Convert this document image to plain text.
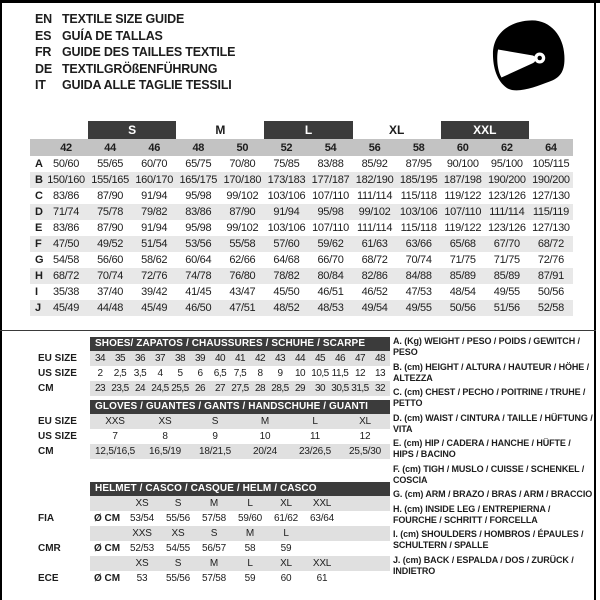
EN TEXTILE SIZE GUIDE
ES GUÍA DE TALLAS
FR GUIDE DES TAILLES TEXTILE
DE TEXTILGRÖßENFÜHRUNG
IT	GUIDA ALLE TAGLIE TESSILI
S	M	L	XL	XXL
42	44	46	48	50	52	54	56	58	60	62	64
A 50/60	55/65	60/70	65/75	70/80	75/85	83/88	85/92	87/95	90/100	95/100 105/115
B 150/160 155/165 160/170 165/175 170/180 173/183 177/187 182/190 185/195 187/198 190/200 190/200
C 83/86	87/90	91/94	95/98	99/102 103/106 107/110 111/114 115/118 119/122 123/126 127/130
D 71/74	75/78	79/82	83/86	87/90	91/94	95/98	99/102 103/106 107/110 111/114 115/119
E 83/86	87/90	91/94	95/98	99/102 103/106 107/110 111/114 115/118 119/122 123/126 127/130
F	47/50	49/52	51/54	53/56	55/58	57/60	59/62	61/63	63/66	65/68	67/70	68/72
G 54/58	56/60	58/62	60/64	62/66	64/68	66/70	68/72	70/74	71/75	71/75	72/76
H 68/72	70/74	72/76	74/78	76/80	78/82	80/84	82/86	84/88	85/89	85/89	87/91
I	35/38	37/40	39/42	41/45	43/47	45/50	46/51	46/52	47/53	48/54	49/55	50/56
J	45/49	44/48	45/49	46/50	47/51	48/52	48/53	49/54	49/55	50/56	51/56	52/58
SHOES/ ZAPATOS / CHAUSSURES / SCHUHE / SCARPE
EU SIZE	34 35 36 37 38 39 40 41 42 43 44 45 46 47 48
US SIZE	2	2,5 3,5	4	5	6	6,5 7,5	8	9	10 10,5 11,5 12 13
CM	23 23,5 24 24,5 25,5 26 27 27,5 28 28,5 29 30 30,5 31,5 32
GLOVES / GUANTES / GANTS / HANDSCHUHE / GUANTI
EU SIZE	XXS	XS	S	M	L	XL
US SIZE	7	8	9	10	11	12
CM	12,5/16,5	16,5/19	18/21,5	20/24	23/26,5	25,5/30
HELMET / CASCO / CASQUE / HELM / CASCO
XS	S	M	L	XL	XXL
FIA	Ø CM 53/54	55/56	57/58	59/60	61/62	63/64
XXS	XS	S	M	L
CMR	Ø CM 52/53	54/55	56/57	58	59
XS	S	M	L	XL	XXL
ECE	Ø CM	53	55/56	57/58	59	60	61
A. (Kg) WEIGHT / PESO / POIDS / GEWITCH / PESO
B. (cm) HEIGHT / ALTURA / HAUTEUR / HÖHE / ALTEZZA
C. (cm) CHEST / PECHO / POITRINE / TRUHE / PETTO
D. (cm) WAIST / CINTURA / TAILLE / HÜFTUNG / VITA
E. (cm) HIP / CADERA / HANCHE / HÜFTE / HIPS / BACINO
F. (cm) TIGH / MUSLO / CUISSE / SCHENKEL / COSCIA
G. (cm) ARM / BRAZO / BRAS / ARM / BRACCIO
H. (cm) INSIDE LEG / ENTREPIERNA / FOURCHE / SCHRITT / FORCELLA
I. (cm) SHOULDERS / HOMBROS / ÉPAULES / SCHULTERN / SPALLE
J. (cm) BACK / ESPALDA / DOS / ZURÜCK / INDIETRO
